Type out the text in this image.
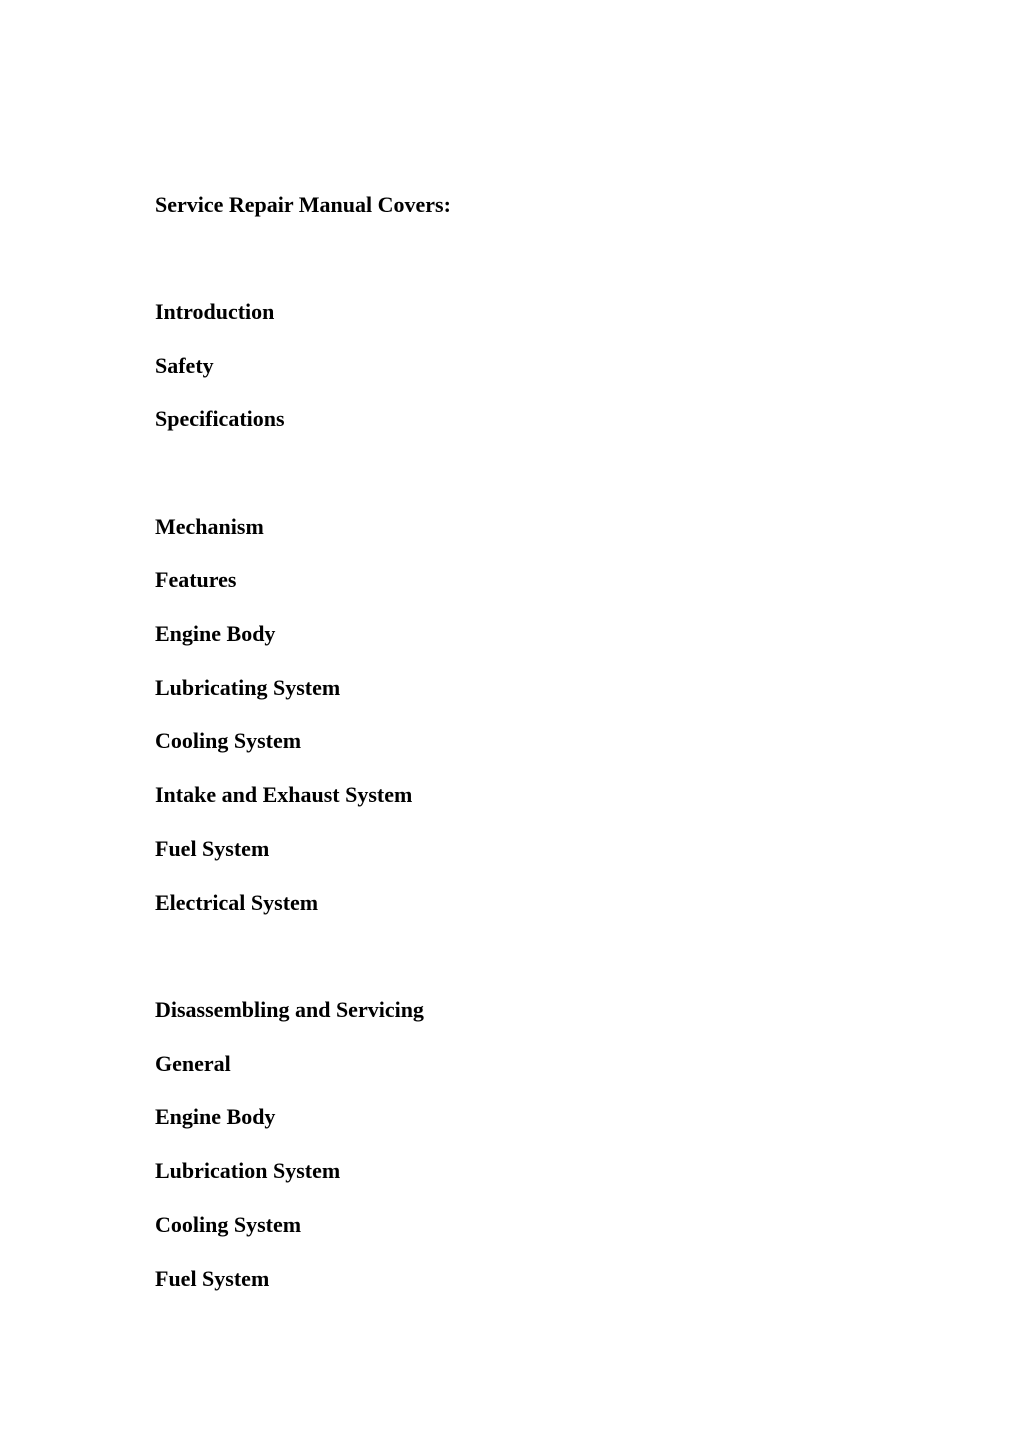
Service Repair Manual Covers:

Introduction

Safety

Specifications

Mechanism

Features

Engine Body

Lubricating System

Cooling System

Intake and Exhaust System

Fuel System

Electrical System

Disassembling and Servicing

General

Engine Body

Lubrication System

Cooling System

Fuel System
